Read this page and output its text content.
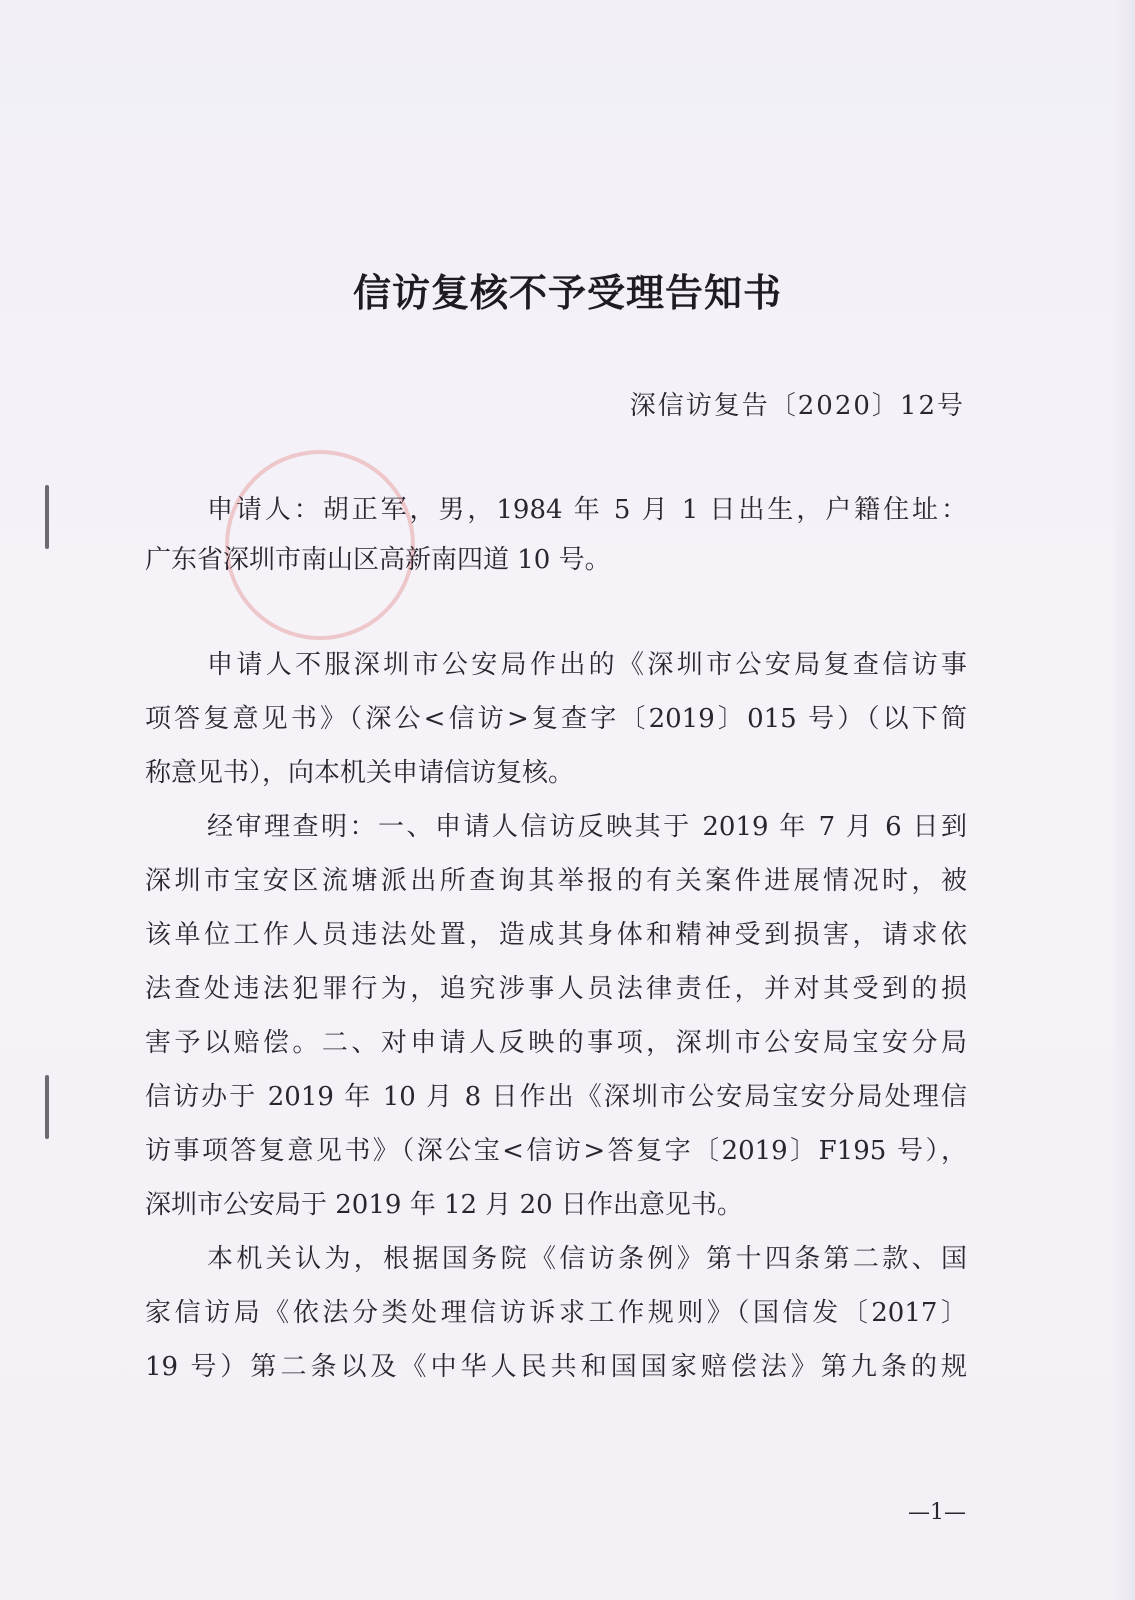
信访复核不予受理告知书
深信访复告〔2020〕12号
申请人：胡正军，男，1984 年 5 月 1 日出生，户籍住址：
广东省深圳市南山区高新南四道 10 号。
申请人不服深圳市公安局作出的《深圳市公安局复查信访事
项答复意见书》（深公<信访>复查字〔2019〕015 号）（以下简
称意见书），向本机关申请信访复核。
经审理查明：一、申请人信访反映其于 2019 年 7 月 6 日到
深圳市宝安区流塘派出所查询其举报的有关案件进展情况时，被
该单位工作人员违法处置，造成其身体和精神受到损害，请求依
法查处违法犯罪行为，追究涉事人员法律责任，并对其受到的损
害予以赔偿。二、对申请人反映的事项，深圳市公安局宝安分局
信访办于 2019 年 10 月 8 日作出《深圳市公安局宝安分局处理信
访事项答复意见书》（深公宝<信访>答复字〔2019〕F195 号），
深圳市公安局于 2019 年 12 月 20 日作出意见书。
本机关认为，根据国务院《信访条例》第十四条第二款、国
家信访局《依法分类处理信访诉求工作规则》（国信发〔2017〕
19 号）第二条以及《中华人民共和国国家赔偿法》第九条的规
—1—
